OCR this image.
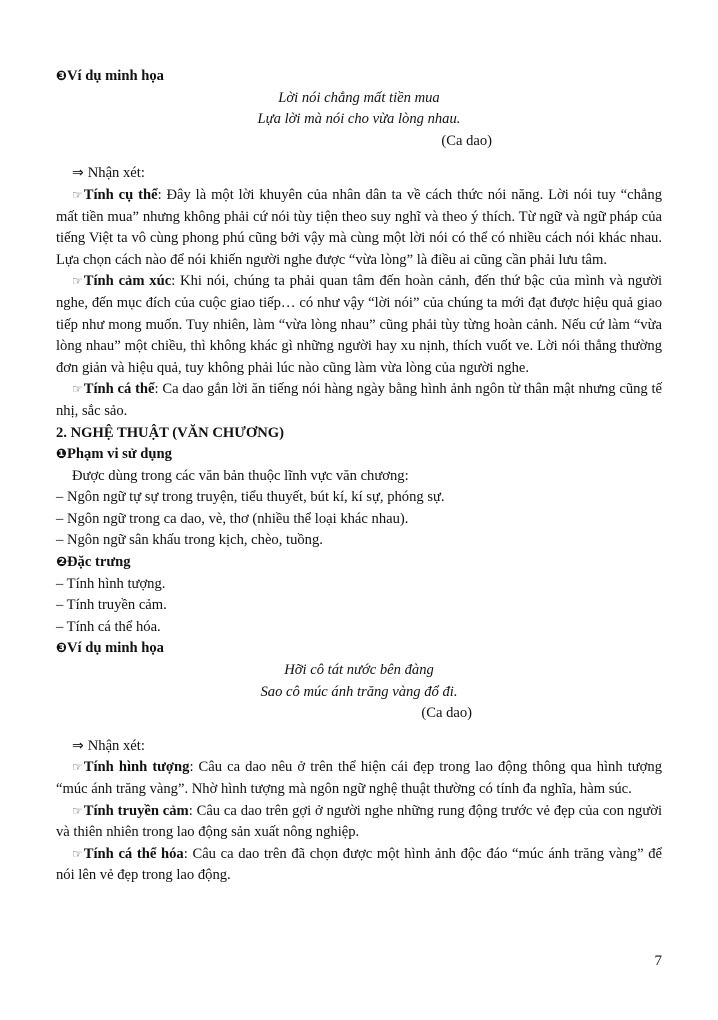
❸Ví dụ minh họa

Lời nói chẳng mất tiền mua

Lựa lời mà nói cho vừa lòng nhau.

(Ca dao)

⇒ Nhận xét:

☞Tính cụ thể: Đây là một lời khuyên của nhân dân ta về cách thức nói năng. Lời nói tuy “chẳng mất tiền mua” nhưng không phải cứ nói tùy tiện theo suy nghĩ và theo ý thích. Từ ngữ và ngữ pháp của tiếng Việt ta vô cùng phong phú cũng bởi vậy mà cùng một lời nói có thể có nhiều cách nói khác nhau. Lựa chọn cách nào để nói khiến người nghe được “vừa lòng” là điều ai cũng cần phải lưu tâm.

☞Tính cảm xúc: Khi nói, chúng ta phải quan tâm đến hoàn cảnh, đến thứ bậc của mình và người nghe, đến mục đích của cuộc giao tiếp… có như vậy “lời nói” của chúng ta mới đạt được hiệu quả giao tiếp như mong muốn. Tuy nhiên, làm “vừa lòng nhau” cũng phải tùy từng hoàn cảnh. Nếu cứ làm “vừa lòng nhau” một chiều, thì không khác gì những người hay xu nịnh, thích vuốt ve. Lời nói thẳng thường đơn giản và hiệu quả, tuy không phải lúc nào cũng làm vừa lòng của người nghe.

☞Tính cá thể: Ca dao gắn lời ăn tiếng nói hàng ngày bằng hình ảnh ngôn từ thân mật nhưng cũng tế nhị, sắc sảo.

2. NGHỆ THUẬT (VĂN CHƯƠNG)

❶Phạm vi sử dụng

Được dùng trong các văn bản thuộc lĩnh vực văn chương:

– Ngôn ngữ tự sự trong truyện, tiểu thuyết, bút kí, kí sự, phóng sự.

– Ngôn ngữ trong ca dao, vè, thơ (nhiều thể loại khác nhau).

– Ngôn ngữ sân khấu trong kịch, chèo, tuồng.

❷Đặc trưng

– Tính hình tượng.

– Tính truyền cảm.

– Tính cá thể hóa.

❸Ví dụ minh họa

Hỡi cô tát nước bên đàng

Sao cô múc ánh trăng vàng đổ đi.

(Ca dao)

⇒ Nhận xét:

☞Tính hình tượng: Câu ca dao nêu ở trên thể hiện cái đẹp trong lao động thông qua hình tượng “múc ánh trăng vàng”. Nhờ hình tượng mà ngôn ngữ nghệ thuật thường có tính đa nghĩa, hàm súc.

☞Tính truyền cảm: Câu ca dao trên gợi ở người nghe những rung động trước vẻ đẹp của con người và thiên nhiên trong lao động sản xuất nông nghiệp.

☞Tính cá thể hóa: Câu ca dao trên đã chọn được một hình ảnh độc đáo “múc ánh trăng vàng” để nói lên vẻ đẹp trong lao động.

7
